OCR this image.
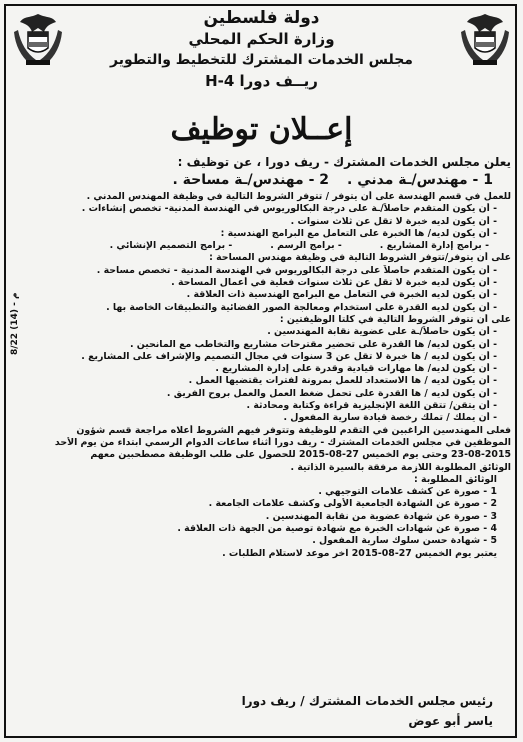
دولة فلسطين
وزارة الحكم المحلي
مجلس الخدمات المشترك للتخطيط والتطوير
ريــف دورا H-4
إعــلان توظيف
يعلن مجلس الخدمات المشترك - ريف دورا ، عن توظيف :
1 - مهندس/ـة مدني .
2 - مهندس/ـة مساحة .
للعمل في قسم الهندسة على أن يتوفر / تتوفر الشروط التالية في وظيفة المهندس المدني .
- أن يكون المتقدم حاصلاً/ـة على درجة البكالوريوس في الهندسة المدنية- تخصص إنشاءات .
- أن يكون لديه خبرة لا تقل عن ثلاث سنوات .
- أن يكون لديه/ ها الخبرة على التعامل مع البرامج الهندسية :
- برامج إدارة المشاريع .
- برامج الرسم .
- برامج التصميم الإنشائي .
على أن يتوفر/تتوفر الشروط التالية في وظيفة مهندس المساحة :
- أن يكون المتقدم حاصلاً على درجة البكالوريوس في الهندسة المدنية - تخصص مساحة .
- أن يكون لديه خبرة لا تقل عن ثلاث سنوات فعلية في أعمال المساحة .
- أن يكون لديه الخبرة في التعامل مع البرامج الهندسية ذات العلاقة .
- أن يكون لديه القدرة على استخدام ومعالجة الصور الفضائية والتطبيقات الخاصة بها .
على أن تتوفر الشروط التالية في كلتا الوظيفتين :
- أن يكون حاصلاً/ـة على عضوية نقابة المهندسين .
- أن يكون لديه/ ها القدرة على تحضير مقترحات مشاريع والتخاطب مع المانحين .
- أن يكون لديه / ها خبرة لا تقل عن 3 سنوات في مجال التصميم والإشراف على المشاريع .
- أن يكون لديه/ ها مهارات قيادية وقدرة على إدارة المشاريع .
- أن يكون لديه / ها الاستعداد للعمل بمرونة لفترات يقتضيها العمل .
- أن يكون لديه / ها القدرة على تحمل ضغط العمل والعمل بروح الفريق .
- أن يتقن/ تتقن اللغة الإنجليزية قراءة وكتابة ومحادثة .
- أن يملك / تملك رخصة قيادة سارية المفعول .
فعلى المهندسين الراغبين في التقدم للوظيفة وتتوفر فيهم الشروط أعلاه مراجعة قسم شؤون
الموظفين في مجلس الخدمات المشترك - ريف دورا أثناء ساعات الدوام الرسمي ابتداء من يوم الأحد
23-08-2015 وحتى يوم الخميس 27-08-2015 للحصول على طلب الوظيفة مصطحبين معهم
الوثائق المطلوبة اللازمة مرفقة بالسيرة الذاتية .
الوثائق المطلوبة :
1 - صورة عن كشف علامات التوجيهي .
2 - صورة عن الشهادة الجامعية الأولى وكشف علامات الجامعة .
3 - صورة عن شهادة عضوية من نقابة المهندسين .
4 - صورة عن شهادات الخبرة مع شهادة توصية من الجهة ذات العلاقة .
5 - شهادة حسن سلوك سارية المفعول .
يعتبر يوم الخميس 27-08-2015 آخر موعد لاستلام الطلبات .
م - (14) 8/22
رئيس مجلس الخدمات المشترك / ريف دورا
ياسر أبو عوض
